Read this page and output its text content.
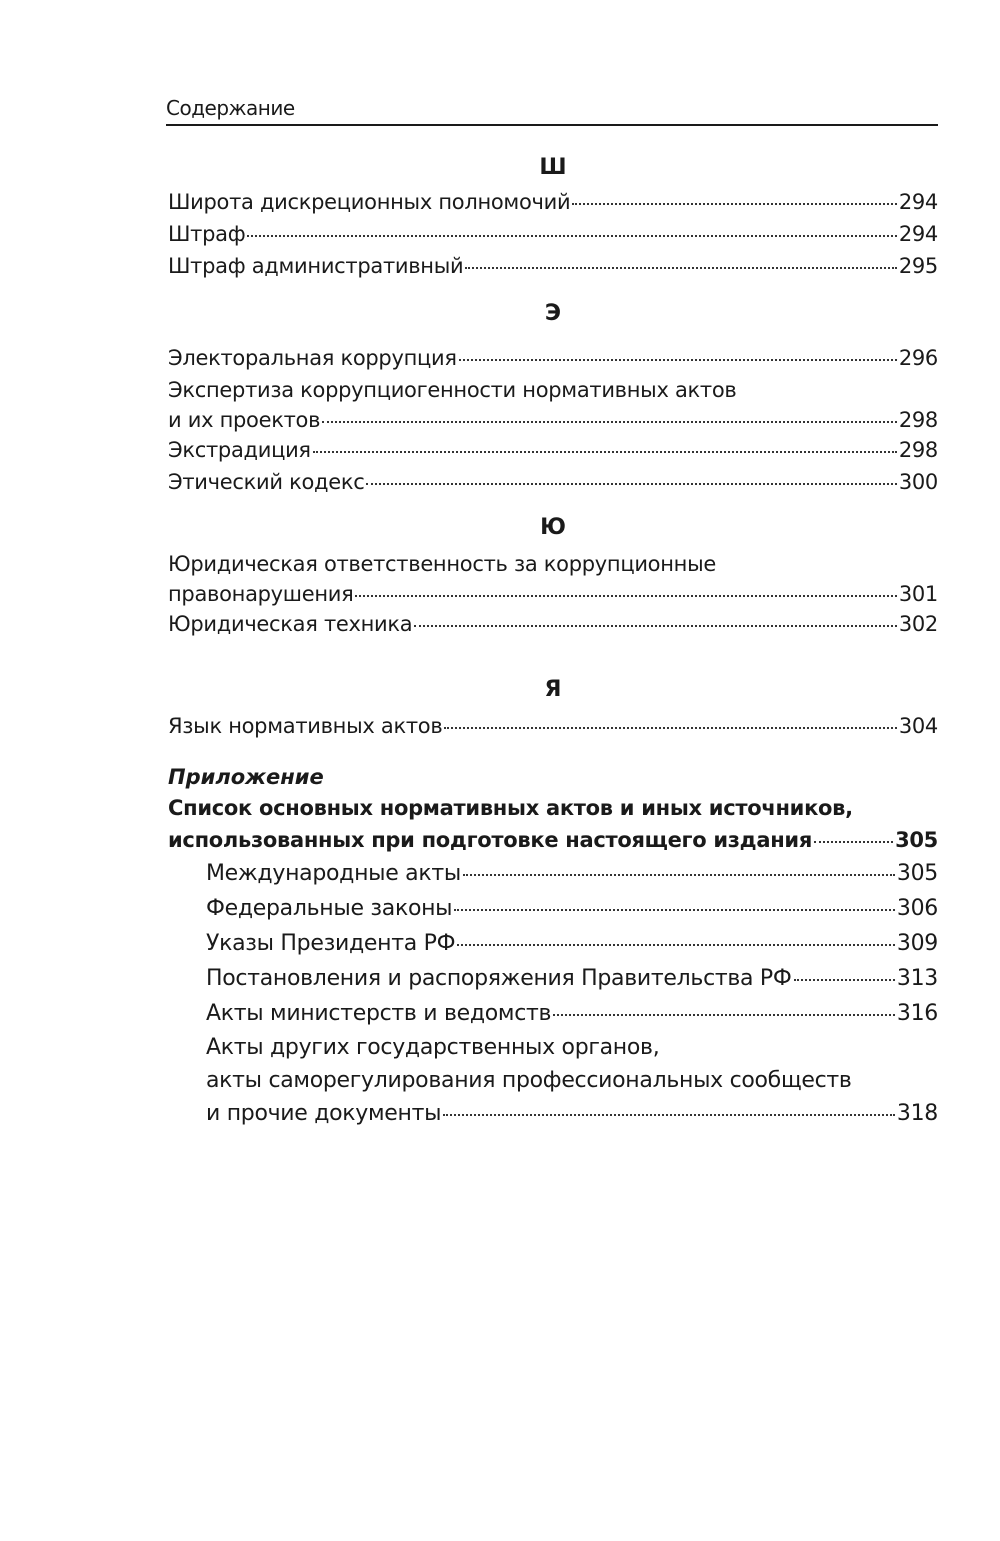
Содержание
Ш
Широта дискреционных полномочий	294
Штраф	294
Штраф административный	295
Э
Электоральная коррупция	296
Экспертиза коррупциогенности нормативных актов
и их проектов	298
Экстрадиция	298
Этический кодекс	300
Ю
Юридическая ответственность за коррупционные
правонарушения	301
Юридическая техника	302
Я
Язык нормативных актов	304
Приложение
Список основных нормативных актов и иных источников,
использованных при подготовке настоящего издания	305
Международные акты	305
Федеральные законы	306
Указы Президента РФ	309
Постановления и распоряжения Правительства РФ	313
Акты министерств и ведомств	316
Акты других государственных органов,
акты саморегулирования профессиональных сообществ
и прочие документы	318
